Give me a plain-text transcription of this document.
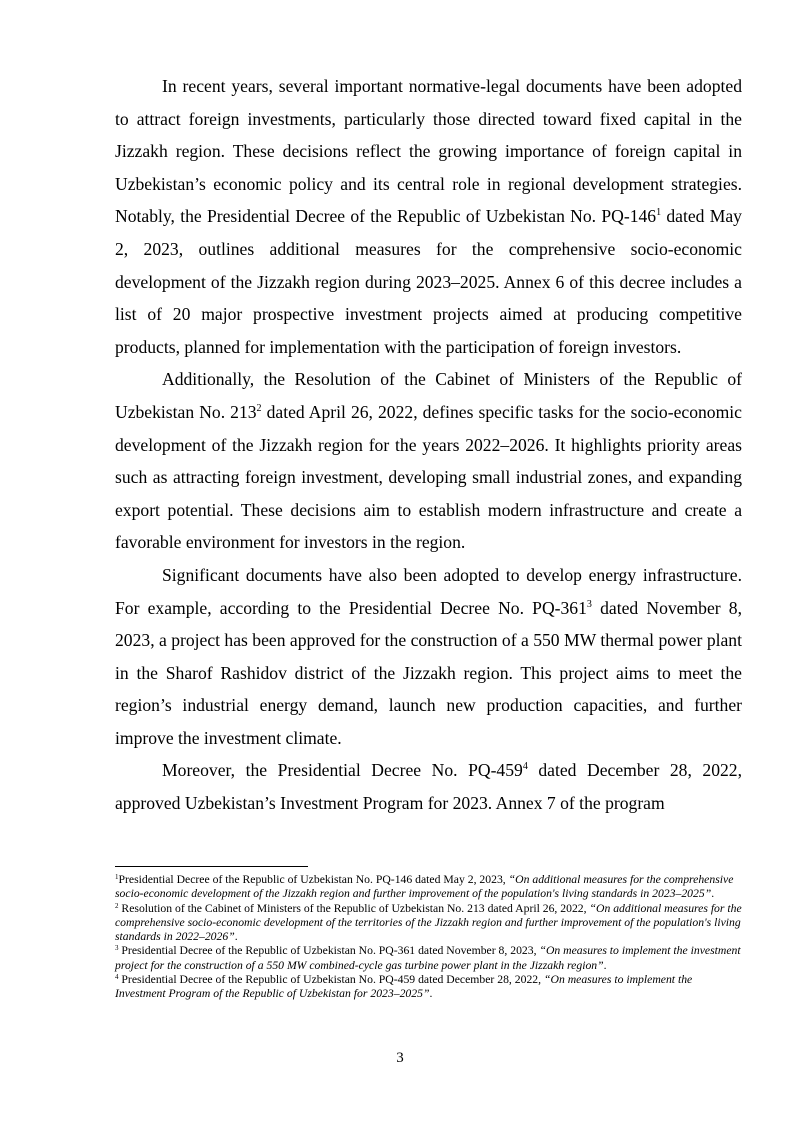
In recent years, several important normative-legal documents have been adopted to attract foreign investments, particularly those directed toward fixed capital in the Jizzakh region. These decisions reflect the growing importance of foreign capital in Uzbekistan’s economic policy and its central role in regional development strategies. Notably, the Presidential Decree of the Republic of Uzbekistan No. $PQ-146^1$ dated May 2, 2023, outlines additional measures for the comprehensive socio-economic development of the Jizzakh region during 2023–2025. Annex 6 of this decree includes a list of 20 major prospective investment projects aimed at producing competitive products, planned for implementation with the participation of foreign investors.

Additionally, the Resolution of the Cabinet of Ministers of the Republic of Uzbekistan No. $213^2$ dated April 26, 2022, defines specific tasks for the socio-economic development of the Jizzakh region for the years 2022–2026. It highlights priority areas such as attracting foreign investment, developing small industrial zones, and expanding export potential. These decisions aim to establish modern infrastructure and create a favorable environment for investors in the region.

Significant documents have also been adopted to develop energy infrastructure. For example, according to the Presidential Decree No. $PQ-361^3$ dated November 8, 2023, a project has been approved for the construction of a 550 MW thermal power plant in the Sharof Rashidov district of the Jizzakh region. This project aims to meet the region’s industrial energy demand, launch new production capacities, and further improve the investment climate.

Moreover, the Presidential Decree No. $PQ-459^4$ dated December 28, 2022, approved Uzbekistan’s Investment Program for 2023. Annex 7 of the program

$^1$Presidential Decree of the Republic of Uzbekistan No. PQ-146 dated May 2, 2023, “On additional measures for the comprehensive socio-economic development of the Jizzakh region and further improvement of the population's living standards in 2023–2025”.

$^2$ Resolution of the Cabinet of Ministers of the Republic of Uzbekistan No. 213 dated April 26, 2022, “On additional measures for the comprehensive socio-economic development of the territories of the Jizzakh region and further improvement of the population's living standards in 2022–2026”.

$^3$ Presidential Decree of the Republic of Uzbekistan No. PQ-361 dated November 8, 2023, “On measures to implement the investment project for the construction of a 550 MW combined-cycle gas turbine power plant in the Jizzakh region”.

$^4$ Presidential Decree of the Republic of Uzbekistan No. PQ-459 dated December 28, 2022, “On measures to implement the Investment Program of the Republic of Uzbekistan for 2023–2025”.

3
